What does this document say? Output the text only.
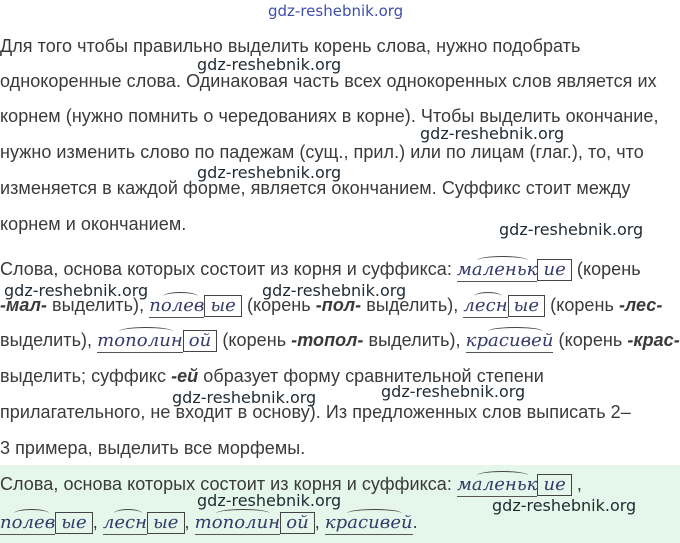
gdz-reshebnik.org
gdz-reshebnik.org
gdz-reshebnik.org
gdz-reshebnik.org
gdz-reshebnik.org
gdz-reshebnik.org	gdz-reshebnik.org
gdz-reshebnik.org
gdz-reshebnik.org
Для того чтобы правильно выделить корень слова, нужно подобрать
однокоренные слова. Одинаковая часть всех однокоренных слов является их
корнем (нужно помнить о чередованиях в корне). Чтобы выделить окончание,
нужно изменить слово по падежам (сущ., прил.) или по лицам (глаг.), то, что
изменяется в каждой форме, является окончанием. Суффикс стоит между
корнем и окончанием.
Слова, основа которых состоит из корня и суффикса: маленьк ие (корень
-мал- выделить), полев ые (корень -пол- выделить), лесн ые (корень -лес-
выделить), тополин ой (корень -топол- выделить), красивей (корень -крас-
выделить; суффикс -ей образует форму сравнительной степени
прилагательного, не входит в основу). Из предложенных слов выписать 2–
3 примера, выделить все морфемы.
Слова, основа которых состоит из корня и суффикса: маленьк ие ,
gdz-reshebnik.org	gdz-reshebnik.org
полев ые , лесн ые , тополин ой , красивей.
